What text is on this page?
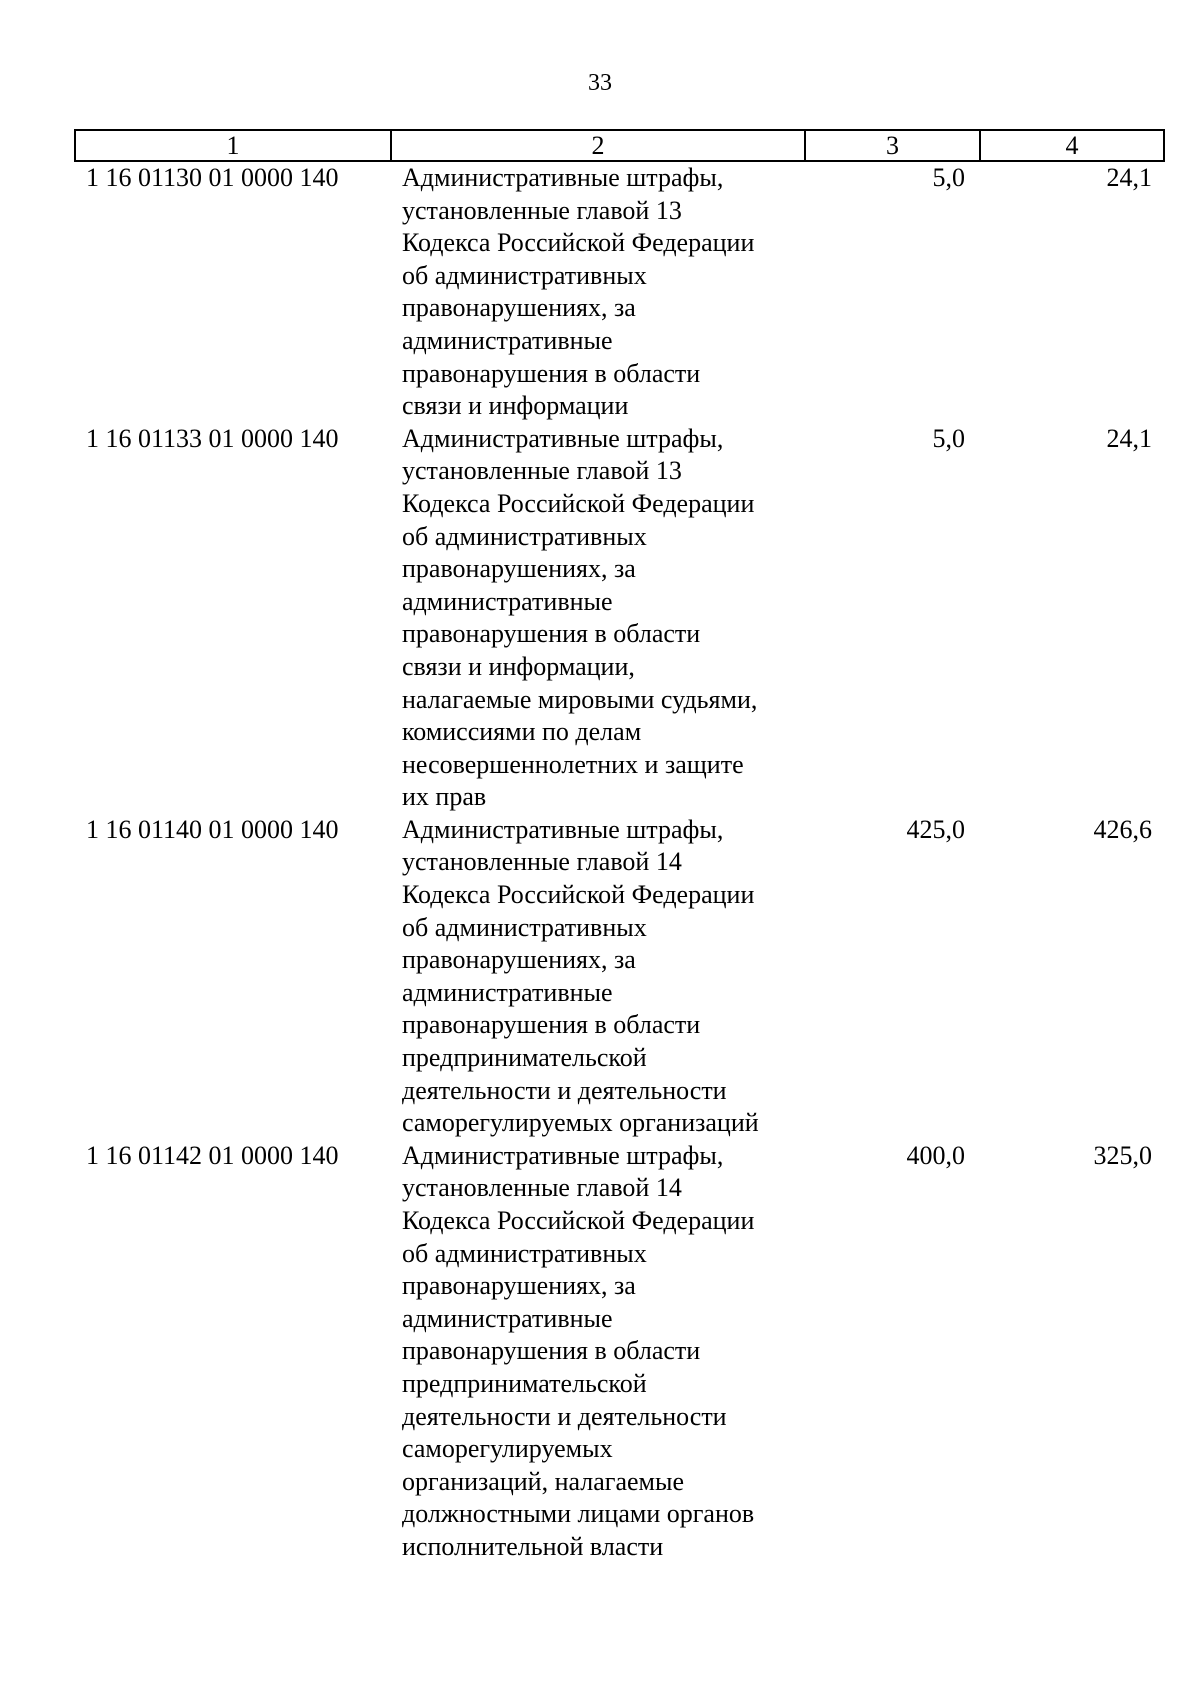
33
1	2	3	4
1 16 01130 01 0000 140	Административные штрафы,
установленные главой 13
Кодекса Российской Федерации
об административных
правонарушениях, за
административные
правонарушения в области
связи и информации
5,0	24,1
1 16 01133 01 0000 140	Административные штрафы,
установленные главой 13
Кодекса Российской Федерации
об административных
правонарушениях, за
административные
правонарушения в области
связи и информации,
налагаемые мировыми судьями,
комиссиями по делам
несовершеннолетних и защите
их прав
5,0	24,1
1 16 01140 01 0000 140	Административные штрафы,
установленные главой 14
Кодекса Российской Федерации
об административных
правонарушениях, за
административные
правонарушения в области
предпринимательской
деятельности и деятельности
саморегулируемых организаций
425,0	426,6
1 16 01142 01 0000 140	Административные штрафы,
установленные главой 14
Кодекса Российской Федерации
об административных
правонарушениях, за
административные
правонарушения в области
предпринимательской
деятельности и деятельности
саморегулируемых
организаций, налагаемые
должностными лицами органов
исполнительной власти
400,0	325,0
